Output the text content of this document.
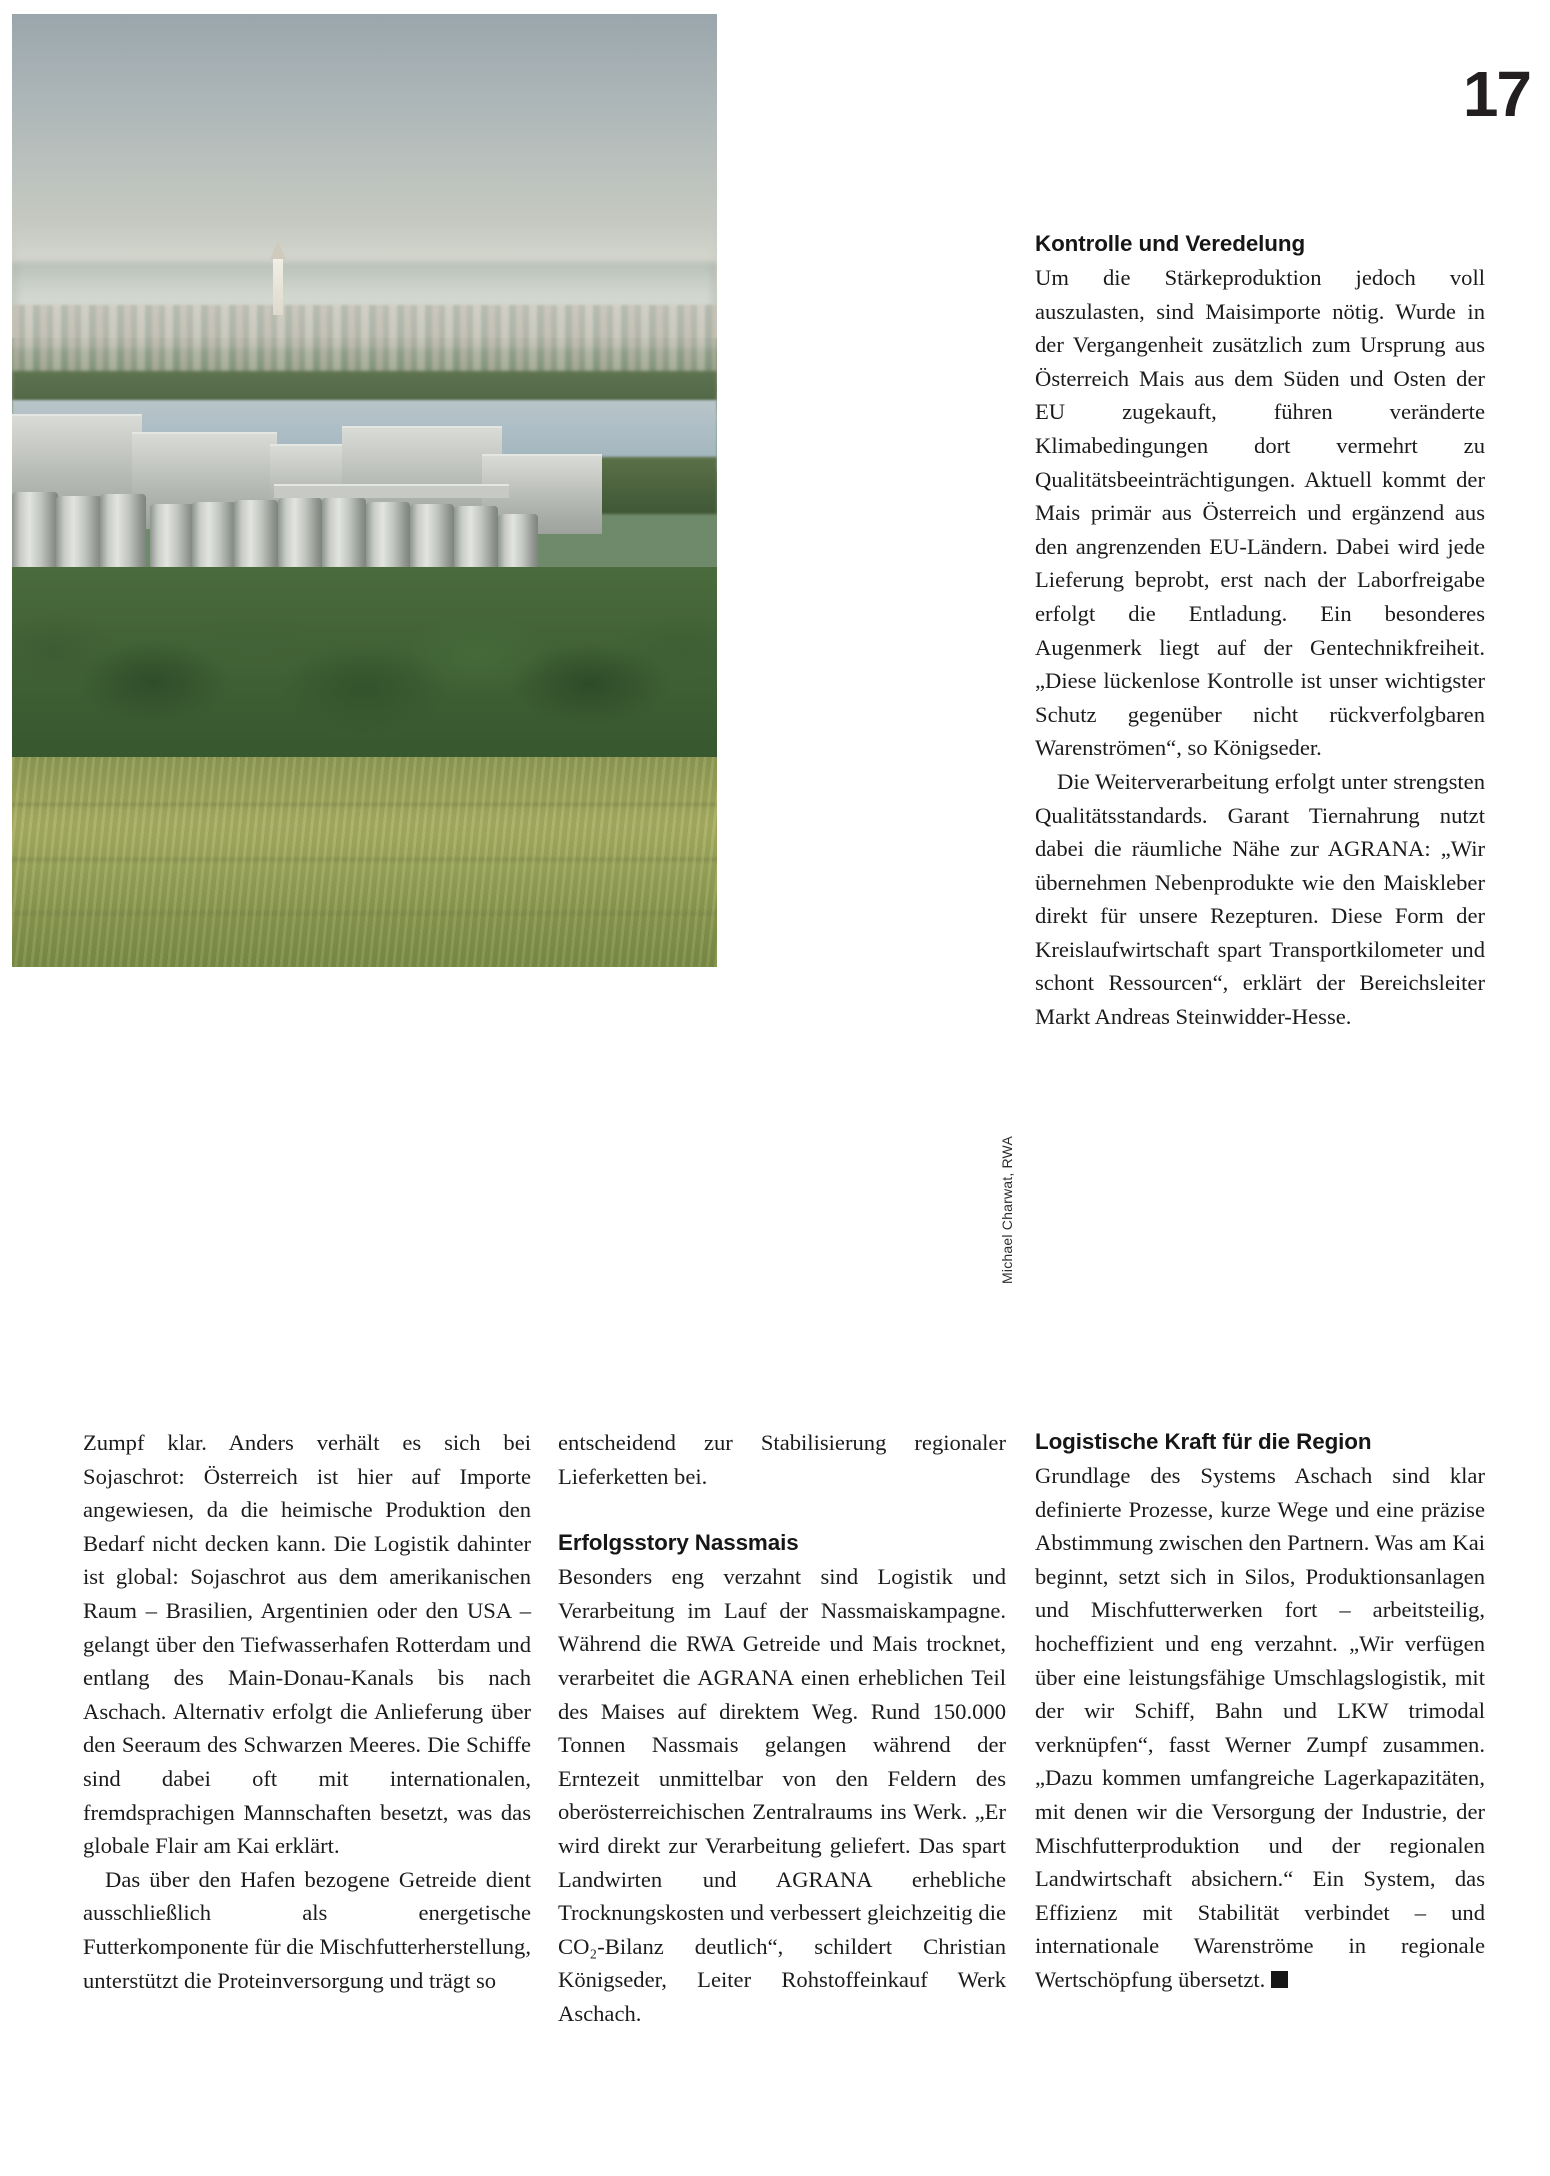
Michael Charwat, RWA
17
Kontrolle und Veredelung

Um die Stärkeproduktion jedoch voll auszulasten, sind Maisimporte nötig. Wurde in der Vergangenheit zusätzlich zum Ursprung aus Österreich Mais aus dem Süden und Osten der EU zugekauft, führen veränderte Klimabedingungen dort vermehrt zu Qualitätsbeeinträchtigungen. Aktuell kommt der Mais primär aus Österreich und ergänzend aus den angrenzenden EU-Ländern. Dabei wird jede Lieferung beprobt, erst nach der Laborfreigabe erfolgt die Entladung. Ein besonderes Augenmerk liegt auf der Gentechnikfreiheit. „Diese lückenlose Kontrolle ist unser wichtigster Schutz gegenüber nicht rückverfolgbaren Warenströmen“, so Königseder.

Die Weiterverarbeitung erfolgt unter strengsten Qualitätsstandards. Garant Tiernahrung nutzt dabei die räumliche Nähe zur AGRANA: „Wir übernehmen Nebenprodukte wie den Maiskleber direkt für unsere Rezepturen. Diese Form der Kreislaufwirtschaft spart Transportkilometer und schont Ressourcen“, erklärt der Bereichsleiter Markt Andreas Steinwidder-Hesse.

Zumpf klar. Anders verhält es sich bei Sojaschrot: Österreich ist hier auf Importe angewiesen, da die heimische Produktion den Bedarf nicht decken kann. Die Logistik dahinter ist global: Sojaschrot aus dem amerikanischen Raum – Brasilien, Argentinien oder den USA – gelangt über den Tiefwasserhafen Rotterdam und entlang des Main-Donau-Kanals bis nach Aschach. Alternativ erfolgt die Anlieferung über den Seeraum des Schwarzen Meeres. Die Schiffe sind dabei oft mit internationalen, fremdsprachigen Mannschaften besetzt, was das globale Flair am Kai erklärt.

Das über den Hafen bezogene Getreide dient ausschließlich als energetische Futterkomponente für die Mischfutterherstellung, unterstützt die Proteinversorgung und trägt so

entscheidend zur Stabilisierung regionaler Lieferketten bei.

Erfolgsstory Nassmais

Besonders eng verzahnt sind Logistik und Verarbeitung im Lauf der Nassmaiskampagne. Während die RWA Getreide und Mais trocknet, verarbeitet die AGRANA einen erheblichen Teil des Maises auf direktem Weg. Rund 150.000 Tonnen Nassmais gelangen während der Erntezeit unmittelbar von den Feldern des oberösterreichischen Zentralraums ins Werk. „Er wird direkt zur Verarbeitung geliefert. Das spart Landwirten und AGRANA erhebliche Trocknungskosten und verbessert gleichzeitig die CO₂-Bilanz deutlich“, schildert Christian Königseder, Leiter Rohstoffeinkauf Werk Aschach.

Logistische Kraft für die Region

Grundlage des Systems Aschach sind klar definierte Prozesse, kurze Wege und eine präzise Abstimmung zwischen den Partnern. Was am Kai beginnt, setzt sich in Silos, Produktionsanlagen und Mischfutterwerken fort – arbeitsteilig, hocheffizient und eng verzahnt. „Wir verfügen über eine leistungsfähige Umschlagslogistik, mit der wir Schiff, Bahn und LKW trimodal verknüpfen“, fasst Werner Zumpf zusammen. „Dazu kommen umfangreiche Lagerkapazitäten, mit denen wir die Versorgung der Industrie, der Mischfutterproduktion und der regionalen Landwirtschaft absichern.“ Ein System, das Effizienz mit Stabilität verbindet – und internationale Warenströme in regionale Wertschöpfung übersetzt.
